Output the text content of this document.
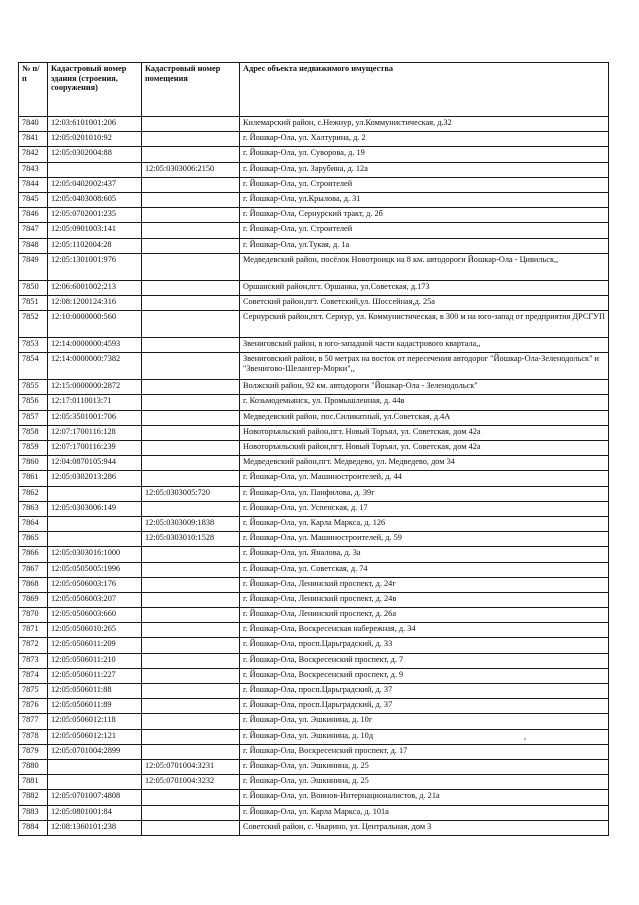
№ п/п	Кадастровый номер здания (строения, сооружения)	Кадастровый номер помещения	Адрес объекта недвижимого имущества
7840	12:03:6101001:206		Килемарский район, с.Нежнур, ул.Коммунистическая, д.32
7841	12:05:0201010:92		г. Йошкар-Ола, ул. Халтурина, д. 2
7842	12:05:0302004:88		г. Йошкар-Ола, ул. Суворова, д. 19
7843		12:05:0303006:2150	г. Йошкар-Ола, ул. Зарубина, д. 12а
7844	12:05:0402002:437		г. Йошкар-Ола, ул. Строителей
7845	12:05:0403008:605		г. Йошкар-Ола, ул.Крылова, д. 31
7846	12:05:0702001:235		г. Йошкар-Ола, Сернурский тракт, д. 2б
7847	12:05:0901003:141		г. Йошкар-Ола, ул. Строителей
7848	12:05:1102004:28		г. Йошкар-Ола, ул.Тукая, д. 1а
7849	12:05:1301001:976		Медведевский район, посёлок Новотроицк на 8 км. автодороги Йошкар-Ола - Цивильск,,
7850	12:06:6001002:213		Оршанский район,пгт. Оршанка, ул.Советская, д.173
7851	12:08:1200124:316		Советский район,пгт. Советский,ул. Шоссейная,д. 25а
7852	12:10:0000000:560		Сернурский район,пгт. Сернур, ул. Коммунистическая, в 300 м на юго-запад от предприятия ДРСГУП
7853	12:14:0000000:4593		Звениговский район, в юго-западной части кадастрового квартала,,
7854	12:14:0000000:7382		Звениговский район, в 50 метрах на восток от пересечения автодорог "Йошкар-Ола-Зеленодольск" и "Звенигово-Шелангер-Морки",,
7855	12:15:0000000:2872		Волжский район, 92 км. автодороги "Йошкар-Ола - Зеленодольск"
7856	12:17:0110013:71		г. Козьмодемьянск, ул. Промышленная, д. 44в
7857	12:05:3501001:706		Медведевский район, пос.Силикатный, ул.Советская, д.4А
7858	12:07:1700116:128		Новоторъяльский район,пгт. Новый Торъял, ул. Советская, дом 42а
7859	12:07:1700116:239		Новоторъяльский район,пгт. Новый Торъял, ул. Советская, дом 42а
7860	12:04:0870105:944		Медведевский район,пгт. Медведево, ул. Медведево, дом 34
7861	12:05:0302013:286		г. Йошкар-Ола, ул. Машиностроителей, д. 44
7862		12:05:0303005:720	г. Йошкар-Ола, ул. Панфилова, д. 39г
7863	12:05:0303006:149		г. Йошкар-Ола, ул. Успенская, д. 17
7864		12:05:0303009:1838	г. Йошкар-Ола, ул. Карла Маркса, д. 126
7865		12:05:0303010:1528	г. Йошкар-Ола, ул. Машиностроителей, д. 59
7866	12:05:0303016:1000		г. Йошкар-Ола, ул. Яналова, д. 3а
7867	12:05:0505005:1996		г. Йошкар-Ола, ул. Советская, д. 74
7868	12:05:0506003:176		г. Йошкар-Ола, Ленинский проспект, д. 24г
7869	12:05:0506003:207		г. Йошкар-Ола, Ленинский проспект, д. 24в
7870	12:05:0506003:660		г. Йошкар-Ола, Ленинский проспект, д. 26а
7871	12:05:0506010:265		г. Йошкар-Ола, Воскресенская набережная, д. 34
7872	12:05:0506011:209		г. Йошкар-Ола, просп.Царьградский, д. 33
7873	12:05:0506011:210		г. Йошкар-Ола, Воскресенский проспект, д. 7
7874	12:05:0506011:227		г. Йошкар-Ола, Воскресенский проспект, д. 9
7875	12:05:0506011:88		г. Йошкар-Ола, просп.Царьградский, д. 37
7876	12:05:0506011:89		г. Йошкар-Ола, просп.Царьградский, д. 37
7877	12:05:0506012:118		г. Йошкар-Ола, ул. Эшкинина, д. 10г
7878	12:05:0506012:121		г. Йошкар-Ола, ул. Эшкинина, д. 10д
7879	12:05:0701004:2899		г. Йошкар-Ола, Воскресенский проспект, д. 17
7880		12:05:0701004:3231	г. Йошкар-Ола, ул. Эшкинина, д. 25
7881		12:05:0701004:3232	г. Йошкар-Ола, ул. Эшкинина, д. 25
7882	12:05:0701007:4808		г. Йошкар-Ола, ул. Воинов-Интернационалистов, д. 21а
7883	12:05:0801001:84		г. Йошкар-Ола, ул. Карла Маркса, д. 101а
7884	12:08:1360101:238		Советский район, с. Чкарино, ул. Центральная, дом 3
